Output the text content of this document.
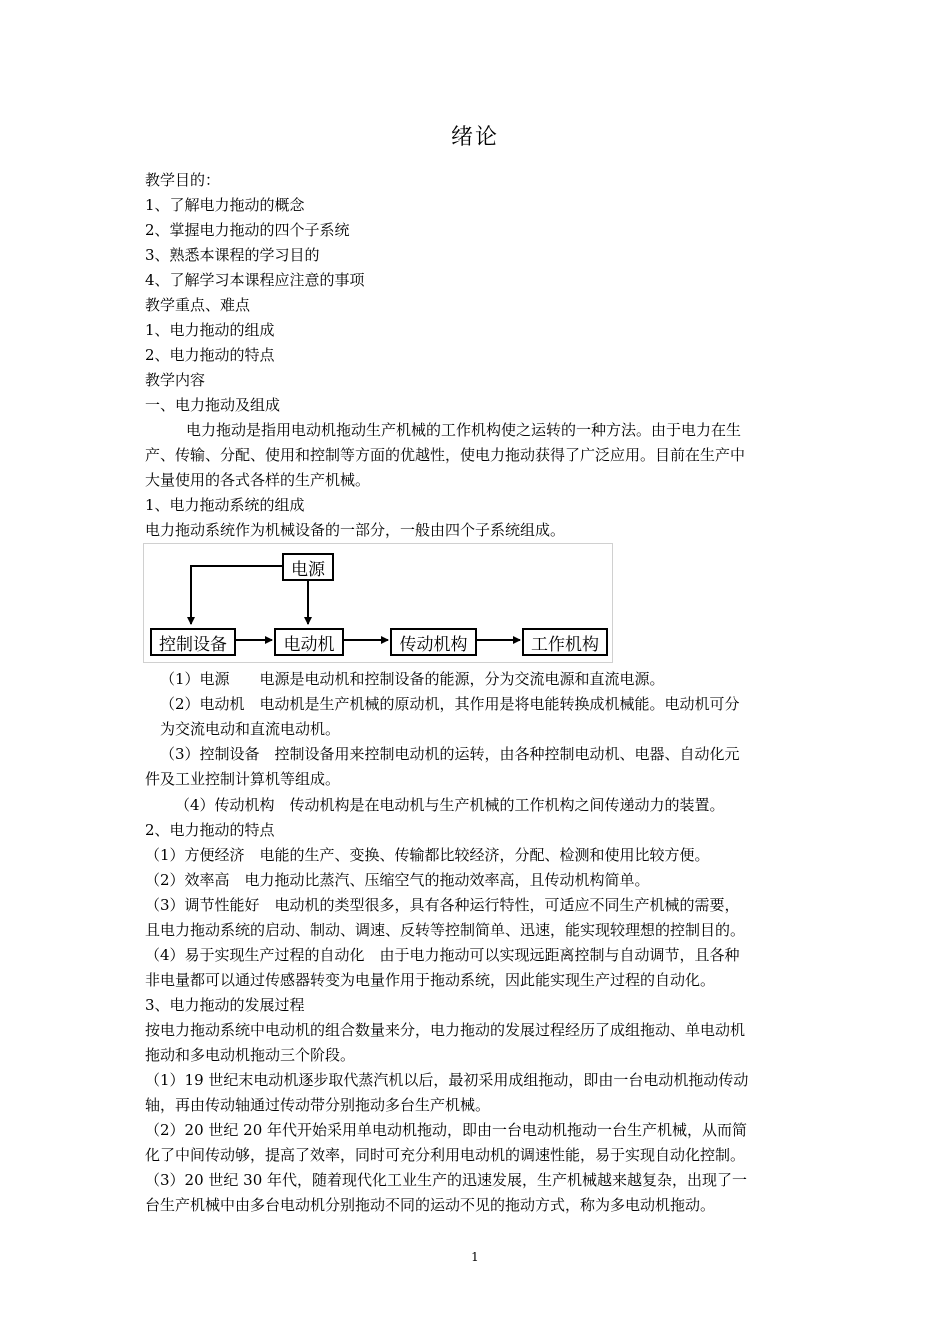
绪论
教学目的：
1、了解电力拖动的概念
2、掌握电力拖动的四个子系统
3、熟悉本课程的学习目的
4、了解学习本课程应注意的事项
教学重点、难点
1、电力拖动的组成
2、电力拖动的特点
教学内容
一、电力拖动及组成
电力拖动是指用电动机拖动生产机械的工作机构使之运转的一种方法。由于电力在生
产、传输、分配、使用和控制等方面的优越性，使电力拖动获得了广泛应用。目前在生产中
大量使用的各式各样的生产机械。
1、电力拖动系统的组成
电力拖动系统作为机械设备的一部分，一般由四个子系统组成。
电源
控制设备	电动机	传动机构	工作机构
（1）电源　　电源是电动机和控制设备的能源，分为交流电源和直流电源。
（2）电动机　电动机是生产机械的原动机，其作用是将电能转换成机械能。电动机可分
为交流电动和直流电动机。
（3）控制设备　控制设备用来控制电动机的运转，由各种控制电动机、电器、自动化元
件及工业控制计算机等组成。
（4）传动机构　传动机构是在电动机与生产机械的工作机构之间传递动力的装置。
2、电力拖动的特点
（1）方便经济　电能的生产、变换、传输都比较经济，分配、检测和使用比较方便。
（2）效率高　电力拖动比蒸汽、压缩空气的拖动效率高，且传动机构简单。
（3）调节性能好　电动机的类型很多，具有各种运行特性，可适应不同生产机械的需要，
且电力拖动系统的启动、制动、调速、反转等控制简单、迅速，能实现较理想的控制目的。
（4）易于实现生产过程的自动化　由于电力拖动可以实现远距离控制与自动调节，且各种
非电量都可以通过传感器转变为电量作用于拖动系统，因此能实现生产过程的自动化。
3、电力拖动的发展过程
按电力拖动系统中电动机的组合数量来分，电力拖动的发展过程经历了成组拖动、单电动机
拖动和多电动机拖动三个阶段。
（1）19 世纪末电动机逐步取代蒸汽机以后，最初采用成组拖动，即由一台电动机拖动传动
轴，再由传动轴通过传动带分别拖动多台生产机械。
（2）20 世纪 20 年代开始采用单电动机拖动，即由一台电动机拖动一台生产机械，从而简
化了中间传动够，提高了效率，同时可充分利用电动机的调速性能，易于实现自动化控制。
（3）20 世纪 30 年代，随着现代化工业生产的迅速发展，生产机械越来越复杂，出现了一
台生产机械中由多台电动机分别拖动不同的运动不见的拖动方式，称为多电动机拖动。
1
